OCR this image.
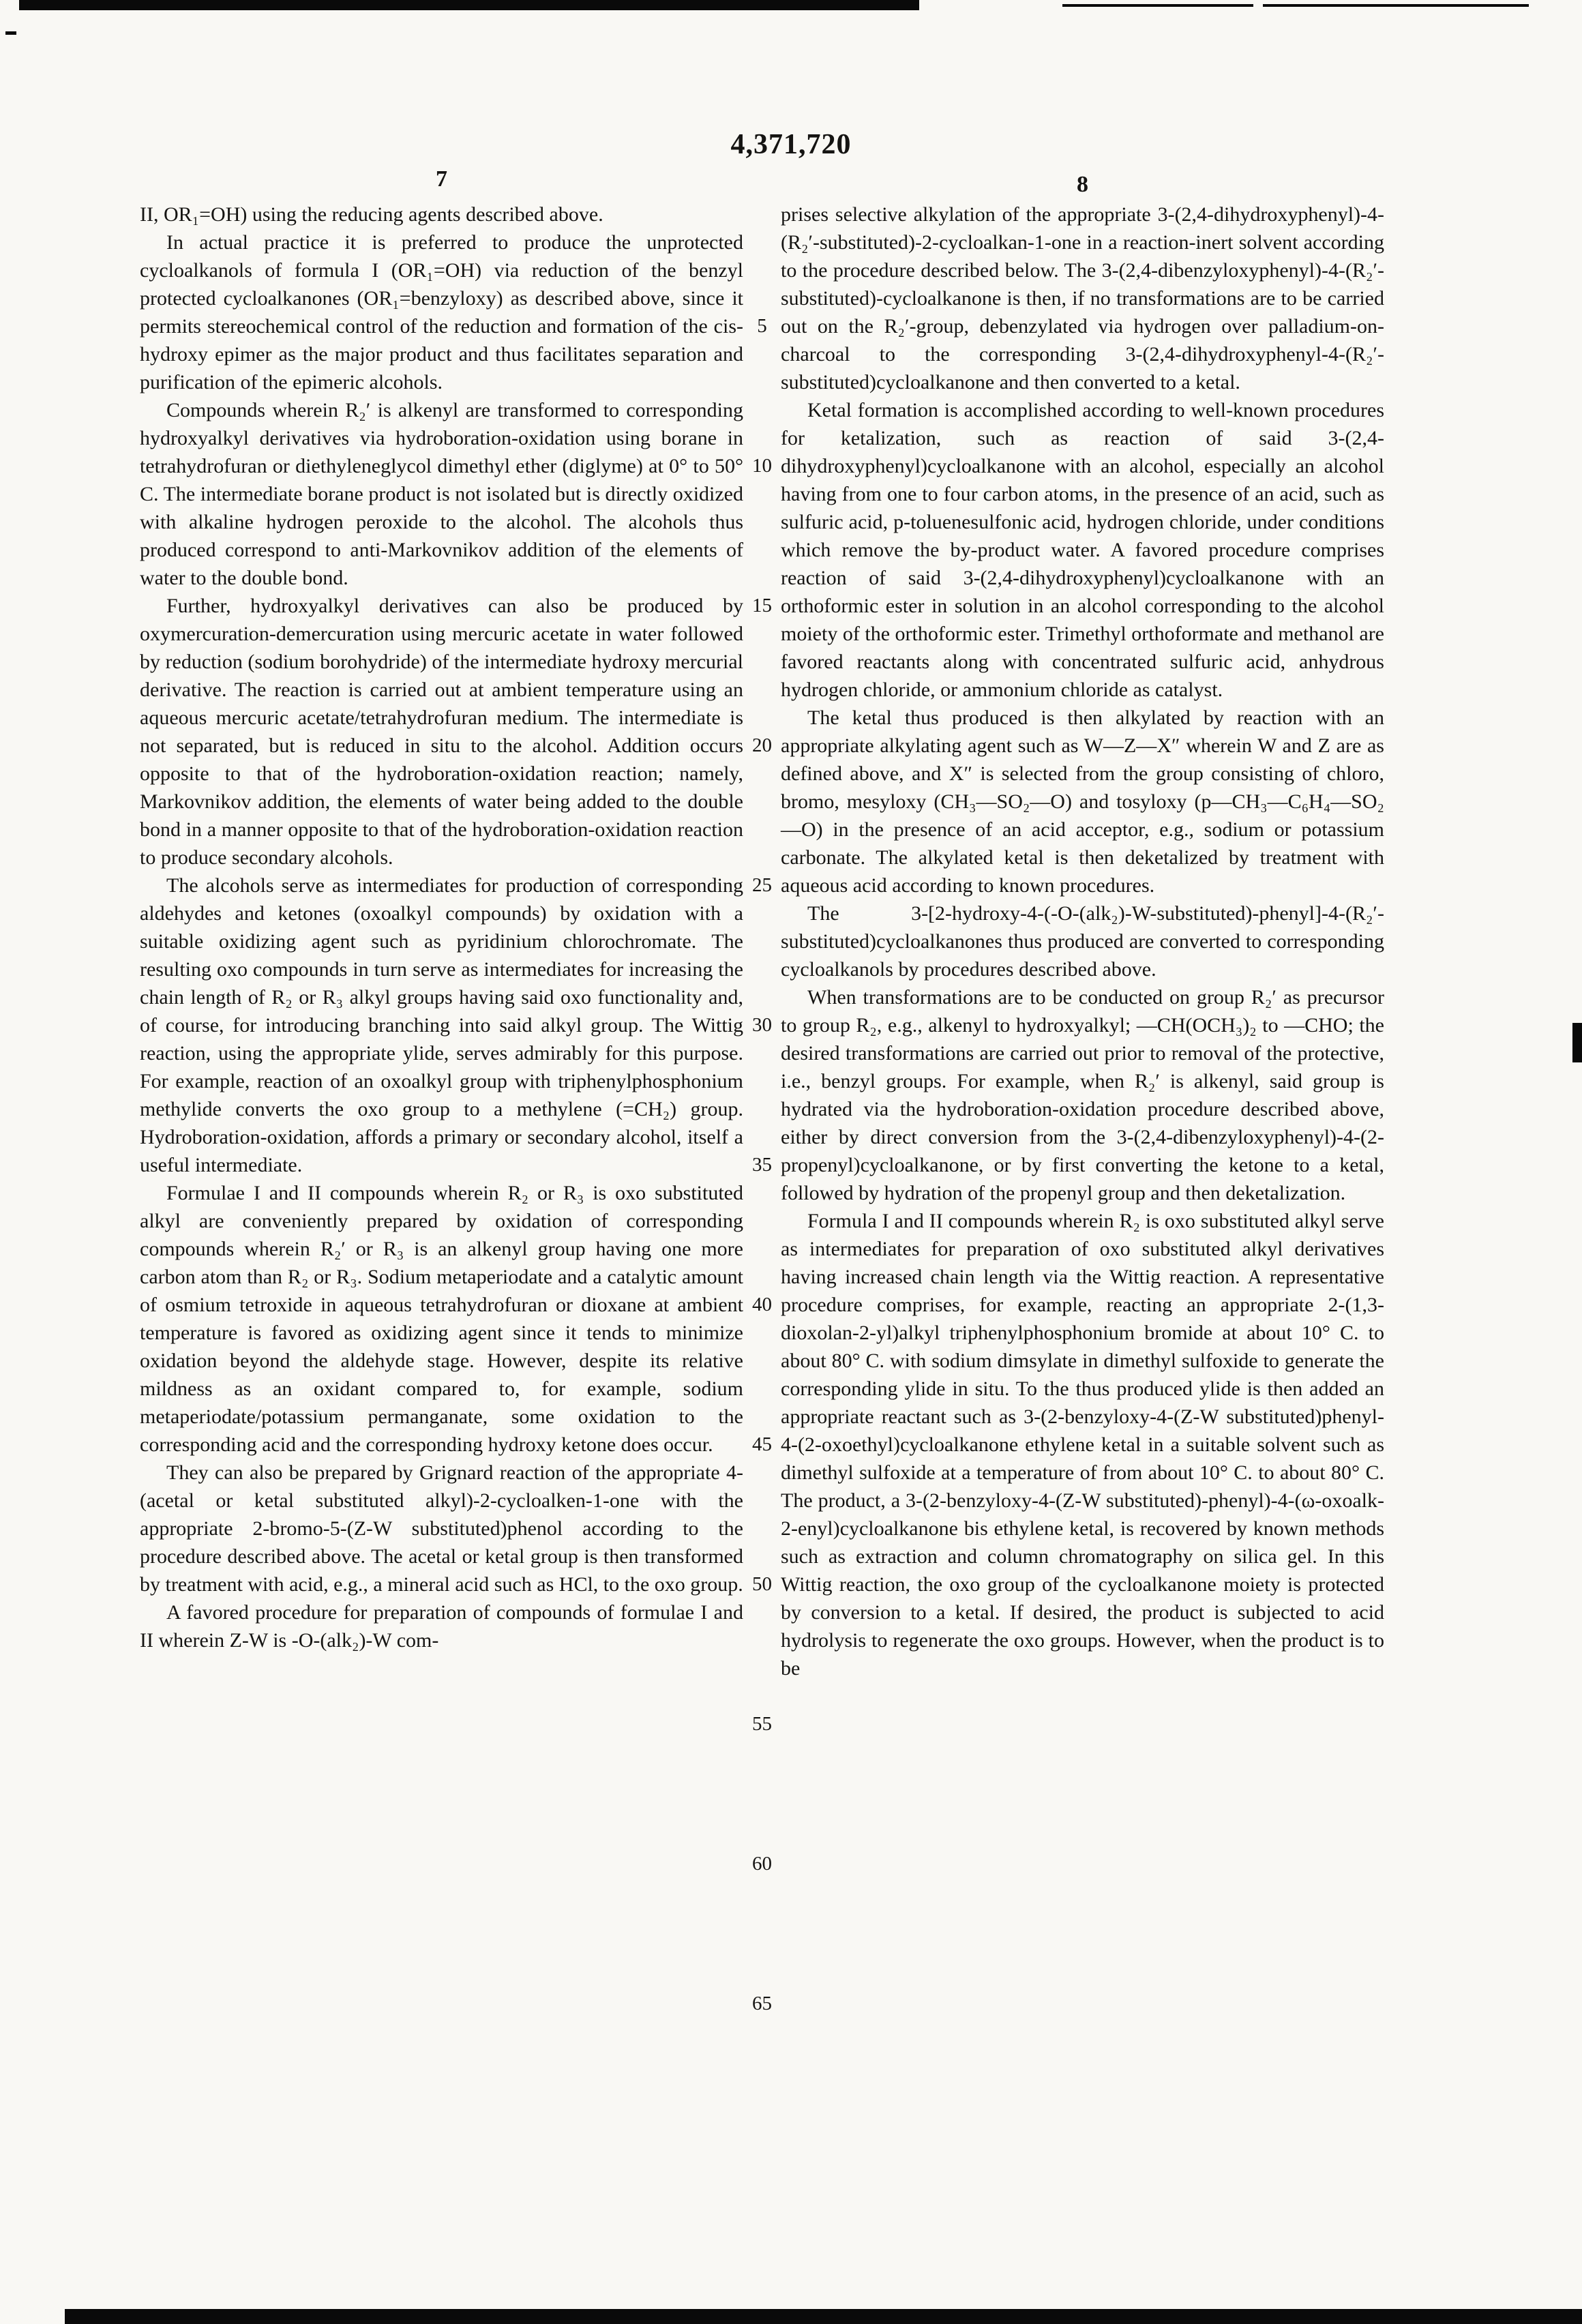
4,371,720
7	8

II, OR₁=OH) using the reducing agents described above.

In actual practice it is preferred to produce the unprotected cycloalkanols of formula I (OR₁=OH) via reduction of the benzyl protected cycloalkanones (OR₁=benzyloxy) as described above, since it permits stereochemical control of the reduction and formation of the cis-hydroxy epimer as the major product and thus facilitates separation and purification of the epimeric alcohols.

Compounds wherein R₂′ is alkenyl are transformed to corresponding hydroxyalkyl derivatives via hydroboration-oxidation using borane in tetrahydrofuran or diethyleneglycol dimethyl ether (diglyme) at 0° to 50° C. The intermediate borane product is not isolated but is directly oxidized with alkaline hydrogen peroxide to the alcohol. The alcohols thus produced correspond to anti-Markovnikov addition of the elements of water to the double bond.

Further, hydroxyalkyl derivatives can also be produced by oxymercuration-demercuration using mercuric acetate in water followed by reduction (sodium borohydride) of the intermediate hydroxy mercurial derivative. The reaction is carried out at ambient temperature using an aqueous mercuric acetate/tetrahydrofuran medium. The intermediate is not separated, but is reduced in situ to the alcohol. Addition occurs opposite to that of the hydroboration-oxidation reaction; namely, Markovnikov addition, the elements of water being added to the double bond in a manner opposite to that of the hydroboration-oxidation reaction to produce secondary alcohols.

The alcohols serve as intermediates for production of corresponding aldehydes and ketones (oxoalkyl compounds) by oxidation with a suitable oxidizing agent such as pyridinium chlorochromate. The resulting oxo compounds in turn serve as intermediates for increasing the chain length of R₂ or R₃ alkyl groups having said oxo functionality and, of course, for introducing branching into said alkyl group. The Wittig reaction, using the appropriate ylide, serves admirably for this purpose. For example, reaction of an oxoalkyl group with triphenylphosphonium methylide converts the oxo group to a methylene (=CH₂) group. Hydroboration-oxidation, affords a primary or secondary alcohol, itself a useful intermediate.

Formulae I and II compounds wherein R₂ or R₃ is oxo substituted alkyl are conveniently prepared by oxidation of corresponding compounds wherein R₂′ or R₃ is an alkenyl group having one more carbon atom than R₂ or R₃. Sodium metaperiodate and a catalytic amount of osmium tetroxide in aqueous tetrahydrofuran or dioxane at ambient temperature is favored as oxidizing agent since it tends to minimize oxidation beyond the aldehyde stage. However, despite its relative mildness as an oxidant compared to, for example, sodium metaperiodate/potassium permanganate, some oxidation to the corresponding acid and the corresponding hydroxy ketone does occur.

They can also be prepared by Grignard reaction of the appropriate 4-(acetal or ketal substituted alkyl)-2-cycloalken-1-one with the appropriate 2-bromo-5-(Z-W substituted)phenol according to the procedure described above. The acetal or ketal group is then transformed by treatment with acid, e.g., a mineral acid such as HCl, to the oxo group.

A favored procedure for preparation of compounds of formulae I and II wherein Z-W is -O-(alk₂)-W com-

5
10
15
20
25
30
35
40
45
50
55
60
65

prises selective alkylation of the appropriate 3-(2,4-dihydroxyphenyl)-4-(R₂′-substituted)-2-cycloalkan-1-one in a reaction-inert solvent according to the procedure described below. The 3-(2,4-dibenzyloxyphenyl)-4-(R₂′-substituted)-cycloalkanone is then, if no transformations are to be carried out on the R₂′-group, debenzylated via hydrogen over palladium-on-charcoal to the corresponding 3-(2,4-dihydroxyphenyl-4-(R₂′-substituted)cycloalkanone and then converted to a ketal.

Ketal formation is accomplished according to well-known procedures for ketalization, such as reaction of said 3-(2,4-dihydroxyphenyl)cycloalkanone with an alcohol, especially an alcohol having from one to four carbon atoms, in the presence of an acid, such as sulfuric acid, p-toluenesulfonic acid, hydrogen chloride, under conditions which remove the by-product water. A favored procedure comprises reaction of said 3-(2,4-dihydroxyphenyl)cycloalkanone with an orthoformic ester in solution in an alcohol corresponding to the alcohol moiety of the orthoformic ester. Trimethyl orthoformate and methanol are favored reactants along with concentrated sulfuric acid, anhydrous hydrogen chloride, or ammonium chloride as catalyst.

The ketal thus produced is then alkylated by reaction with an appropriate alkylating agent such as W—Z—X″ wherein W and Z are as defined above, and X″ is selected from the group consisting of chloro, bromo, mesyloxy (CH₃—SO₂—O) and tosyloxy (p—CH₃—C₆H₄—SO₂—O) in the presence of an acid acceptor, e.g., sodium or potassium carbonate. The alkylated ketal is then deketalized by treatment with aqueous acid according to known procedures.

The 3-[2-hydroxy-4-(-O-(alk₂)-W-substituted)-phenyl]-4-(R₂′-substituted)cycloalkanones thus produced are converted to corresponding cycloalkanols by procedures described above.

When transformations are to be conducted on group R₂′ as precursor to group R₂, e.g., alkenyl to hydroxyalkyl; —CH(OCH₃)₂ to —CHO; the desired transformations are carried out prior to removal of the protective, i.e., benzyl groups. For example, when R₂′ is alkenyl, said group is hydrated via the hydroboration-oxidation procedure described above, either by direct conversion from the 3-(2,4-dibenzyloxyphenyl)-4-(2-propenyl)cycloalkanone, or by first converting the ketone to a ketal, followed by hydration of the propenyl group and then deketalization.

Formula I and II compounds wherein R₂ is oxo substituted alkyl serve as intermediates for preparation of oxo substituted alkyl derivatives having increased chain length via the Wittig reaction. A representative procedure comprises, for example, reacting an appropriate 2-(1,3-dioxolan-2-yl)alkyl triphenylphosphonium bromide at about 10° C. to about 80° C. with sodium dimsylate in dimethyl sulfoxide to generate the corresponding ylide in situ. To the thus produced ylide is then added an appropriate reactant such as 3-(2-benzyloxy-4-(Z-W substituted)phenyl-4-(2-oxoethyl)cycloalkanone ethylene ketal in a suitable solvent such as dimethyl sulfoxide at a temperature of from about 10° C. to about 80° C. The product, a 3-(2-benzyloxy-4-(Z-W substituted)-phenyl)-4-(ω-oxoalk-2-enyl)cycloalkanone bis ethylene ketal, is recovered by known methods such as extraction and column chromatography on silica gel. In this Wittig reaction, the oxo group of the cycloalkanone moiety is protected by conversion to a ketal. If desired, the product is subjected to acid hydrolysis to regenerate the oxo groups. However, when the product is to be
